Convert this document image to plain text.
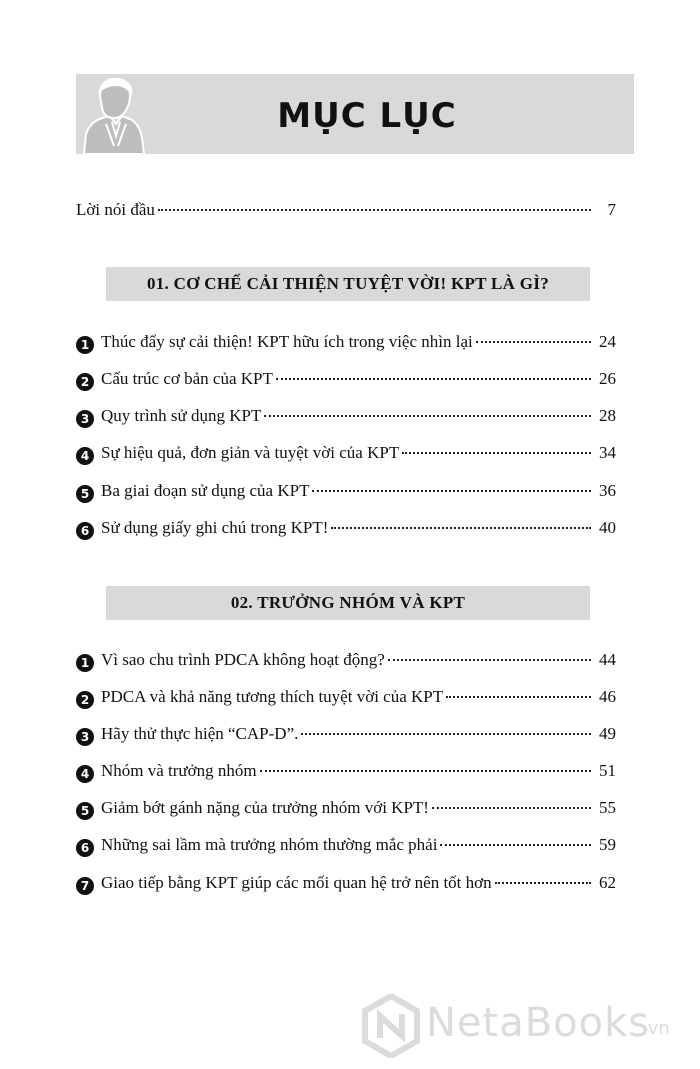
MỤC LỤC
Lời nói đầu	7
01. CƠ CHẾ CẢI THIỆN TUYỆT VỜI! KPT LÀ GÌ?
1 Thúc đẩy sự cải thiện! KPT hữu ích trong việc nhìn lại	24
2 Cấu trúc cơ bản của KPT	26
3 Quy trình sử dụng KPT	28
4 Sự hiệu quả, đơn giản và tuyệt vời của KPT	34
5 Ba giai đoạn sử dụng của KPT	36
6 Sử dụng giấy ghi chú trong KPT!	40
02. TRƯỞNG NHÓM VÀ KPT
1 Vì sao chu trình PDCA không hoạt động?	44
2 PDCA và khả năng tương thích tuyệt vời của KPT	46
3 Hãy thử thực hiện “CAP-D”.	49
4 Nhóm và trưởng nhóm	51
5 Giảm bớt gánh nặng của trưởng nhóm với KPT!	55
6 Những sai lầm mà trưởng nhóm thường mắc phải	59
7 Giao tiếp bằng KPT giúp các mối quan hệ trở nên tốt hơn	62
NetaBooks
.vn
